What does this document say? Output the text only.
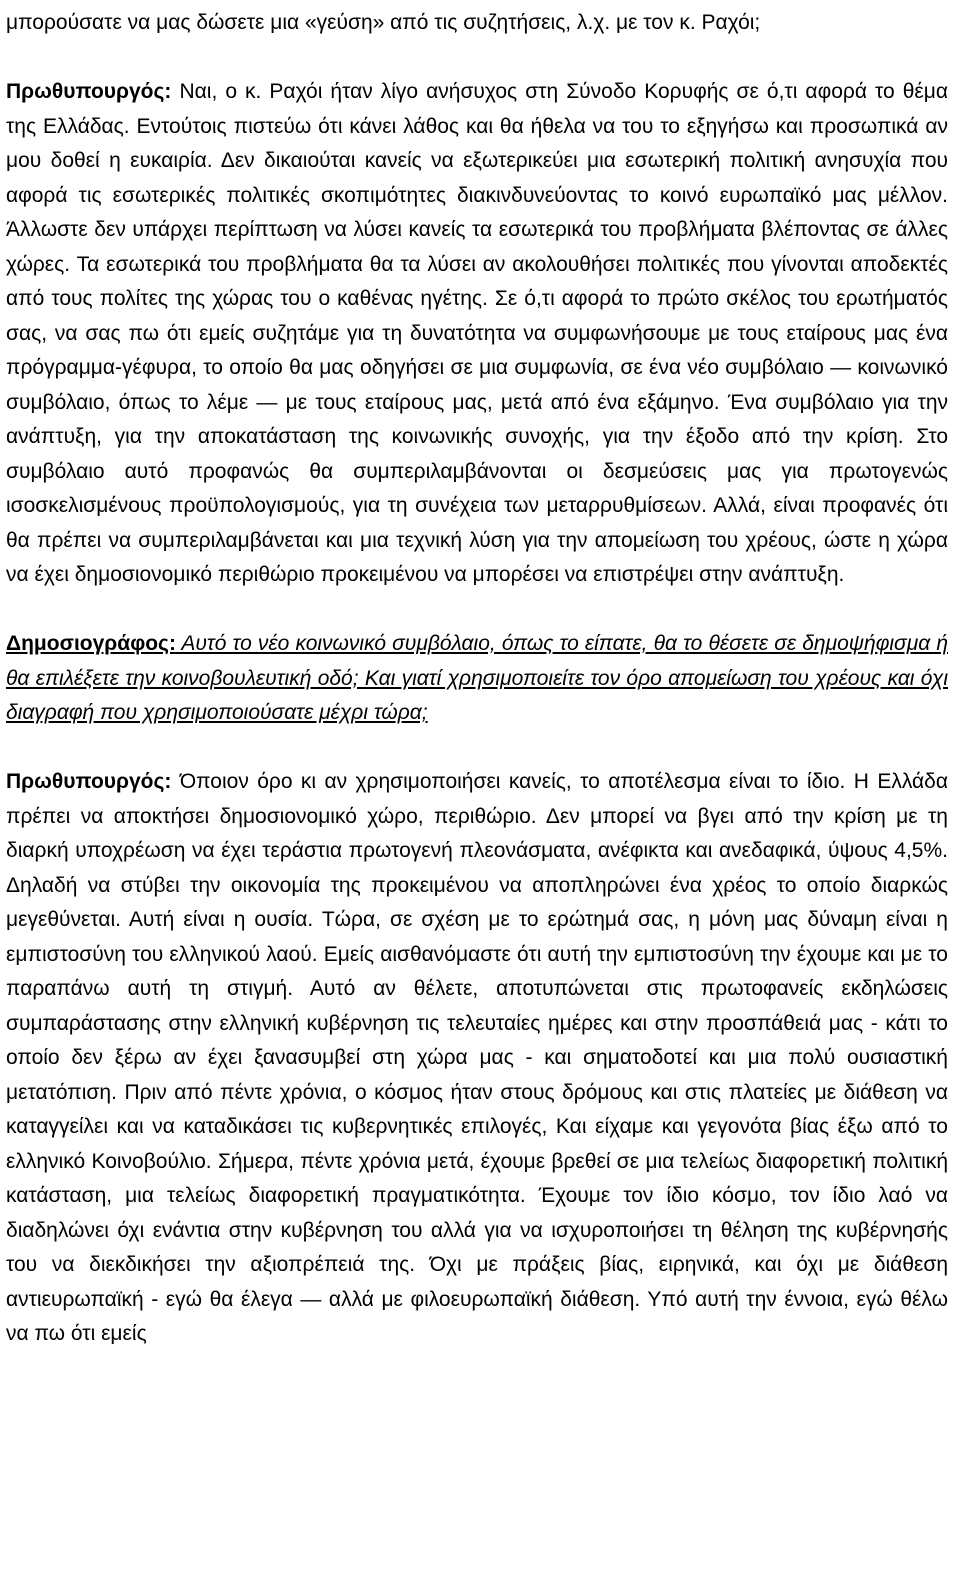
μπορούσατε να μας δώσετε μια «γεύση» από τις συζητήσεις, λ.χ. με τον κ. Ραχόι;

Πρωθυπουργός: Ναι, ο κ. Ραχόι ήταν λίγο ανήσυχος στη Σύνοδο Κορυφής σε ό,τι αφορά το θέμα της Ελλάδας. Εντούτοις πιστεύω ότι κάνει λάθος και θα ήθελα να του το εξηγήσω και προσωπικά αν μου δοθεί η ευκαιρία. Δεν δικαιούται κανείς να εξωτερικεύει μια εσωτερική πολιτική ανησυχία που αφορά τις εσωτερικές πολιτικές σκοπιμότητες διακινδυνεύοντας το κοινό ευρωπαϊκό μας μέλλον. Άλλωστε δεν υπάρχει περίπτωση να λύσει κανείς τα εσωτερικά του προβλήματα βλέποντας σε άλλες χώρες. Τα εσωτερικά του προβλήματα θα τα λύσει αν ακολουθήσει πολιτικές που γίνονται αποδεκτές από τους πολίτες της χώρας του ο καθένας ηγέτης. Σε ό,τι αφορά το πρώτο σκέλος του ερωτήματός σας, να σας πω ότι εμείς συζητάμε για τη δυνατότητα να συμφωνήσουμε με τους εταίρους μας ένα πρόγραμμα-γέφυρα, το οποίο θα μας οδηγήσει σε μια συμφωνία, σε ένα νέο συμβόλαιο — κοινωνικό συμβόλαιο, όπως το λέμε — με τους εταίρους μας, μετά από ένα εξάμηνο. Ένα συμβόλαιο για την ανάπτυξη, για την αποκατάσταση της κοινωνικής συνοχής, για την έξοδο από την κρίση. Στο συμβόλαιο αυτό προφανώς θα συμπεριλαμβάνονται οι δεσμεύσεις μας για πρωτογενώς ισοσκελισμένους προϋπολογισμούς, για τη συνέχεια των μεταρρυθμίσεων. Αλλά, είναι προφανές ότι θα πρέπει να συμπεριλαμβάνεται και μια τεχνική λύση για την απομείωση του χρέους, ώστε η χώρα να έχει δημοσιονομικό περιθώριο προκειμένου να μπορέσει να επιστρέψει στην ανάπτυξη.

Δημοσιογράφος: Αυτό το νέο κοινωνικό συμβόλαιο, όπως το είπατε, θα το θέσετε σε δημοψήφισμα ή θα επιλέξετε την κοινοβουλευτική οδό; Και γιατί χρησιμοποιείτε τον όρο απομείωση του χρέους και όχι διαγραφή που χρησιμοποιούσατε μέχρι τώρα;

Πρωθυπουργός: Όποιον όρο κι αν χρησιμοποιήσει κανείς, το αποτέλεσμα είναι το ίδιο. Η Ελλάδα πρέπει να αποκτήσει δημοσιονομικό χώρο, περιθώριο. Δεν μπορεί να βγει από την κρίση με τη διαρκή υποχρέωση να έχει τεράστια πρωτογενή πλεονάσματα, ανέφικτα και ανεδαφικά, ύψους 4,5%. Δηλαδή να στύβει την οικονομία της προκειμένου να αποπληρώνει ένα χρέος το οποίο διαρκώς μεγεθύνεται. Αυτή είναι η ουσία. Τώρα, σε σχέση με το ερώτημά σας, η μόνη μας δύναμη είναι η εμπιστοσύνη του ελληνικού λαού. Εμείς αισθανόμαστε ότι αυτή την εμπιστοσύνη την έχουμε και με το παραπάνω αυτή τη στιγμή. Αυτό αν θέλετε, αποτυπώνεται στις πρωτοφανείς εκδηλώσεις συμπαράστασης στην ελληνική κυβέρνηση τις τελευταίες ημέρες και στην προσπάθειά μας - κάτι το οποίο δεν ξέρω αν έχει ξανασυμβεί στη χώρα μας - και σηματοδοτεί και μια πολύ ουσιαστική μετατόπιση. Πριν από πέντε χρόνια, ο κόσμος ήταν στους δρόμους και στις πλατείες με διάθεση να καταγγείλει και να καταδικάσει τις κυβερνητικές επιλογές, Και είχαμε και γεγονότα βίας έξω από το ελληνικό Κοινοβούλιο. Σήμερα, πέντε χρόνια μετά, έχουμε βρεθεί σε μια τελείως διαφορετική πολιτική κατάσταση, μια τελείως διαφορετική πραγματικότητα. Έχουμε τον ίδιο κόσμο, τον ίδιο λαό να διαδηλώνει όχι ενάντια στην κυβέρνηση του αλλά για να ισχυροποιήσει τη θέληση της κυβέρνησής του να διεκδικήσει την αξιοπρέπειά της. Όχι με πράξεις βίας, ειρηνικά, και όχι με διάθεση αντιευρωπαϊκή - εγώ θα έλεγα — αλλά με φιλοευρωπαϊκή διάθεση. Υπό αυτή την έννοια, εγώ θέλω να πω ότι εμείς
